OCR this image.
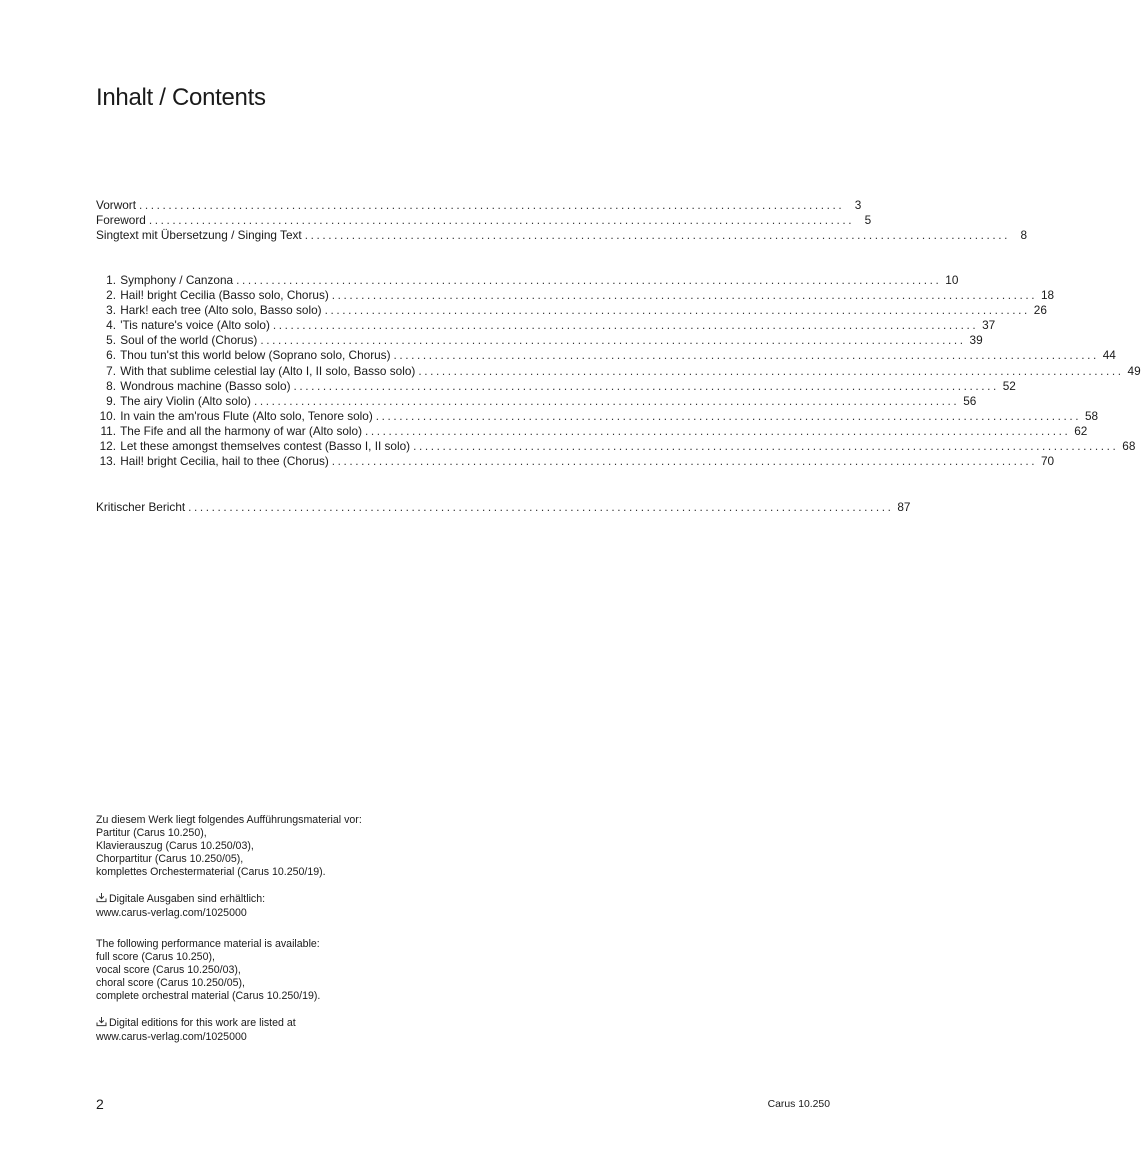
Inhalt / Contents
Vorwort ........................................................................................................................ 3
Foreword ........................................................................................................................ 5
Singtext mit Übersetzung / Singing Text ........................................................................................................................ 8
1. Symphony / Canzona ........................................................................................................................ 10
2. Hail! bright Cecilia (Basso solo, Chorus) ........................................................................................................................ 18
3. Hark! each tree (Alto solo, Basso solo) ........................................................................................................................ 26
4. 'Tis nature's voice (Alto solo) ........................................................................................................................ 37
5. Soul of the world (Chorus) ........................................................................................................................ 39
6. Thou tun'st this world below (Soprano solo, Chorus) ........................................................................................................................ 44
7. With that sublime celestial lay (Alto I, II solo, Basso solo) ........................................................................................................................ 49
8. Wondrous machine (Basso solo) ........................................................................................................................ 52
9. The airy Violin (Alto solo) ........................................................................................................................ 56
10. In vain the am'rous Flute (Alto solo, Tenore solo) ........................................................................................................................ 58
11. The Fife and all the harmony of war (Alto solo) ........................................................................................................................ 62
12. Let these amongst themselves contest (Basso I, II solo) ........................................................................................................................ 68
13. Hail! bright Cecilia, hail to thee (Chorus) ........................................................................................................................ 70
Kritischer Bericht ........................................................................................................................ 87
Zu diesem Werk liegt folgendes Aufführungsmaterial vor:
Partitur (Carus 10.250),
Klavierauszug (Carus 10.250/03),
Chorpartitur (Carus 10.250/05),
komplettes Orchestermaterial (Carus 10.250/19).
Digitale Ausgaben sind erhältlich:
www.carus-verlag.com/1025000
The following performance material is available:
full score (Carus 10.250),
vocal score (Carus 10.250/03),
choral score (Carus 10.250/05),
complete orchestral material (Carus 10.250/19).
Digital editions for this work are listed at
www.carus-verlag.com/1025000
2	Carus 10.250
